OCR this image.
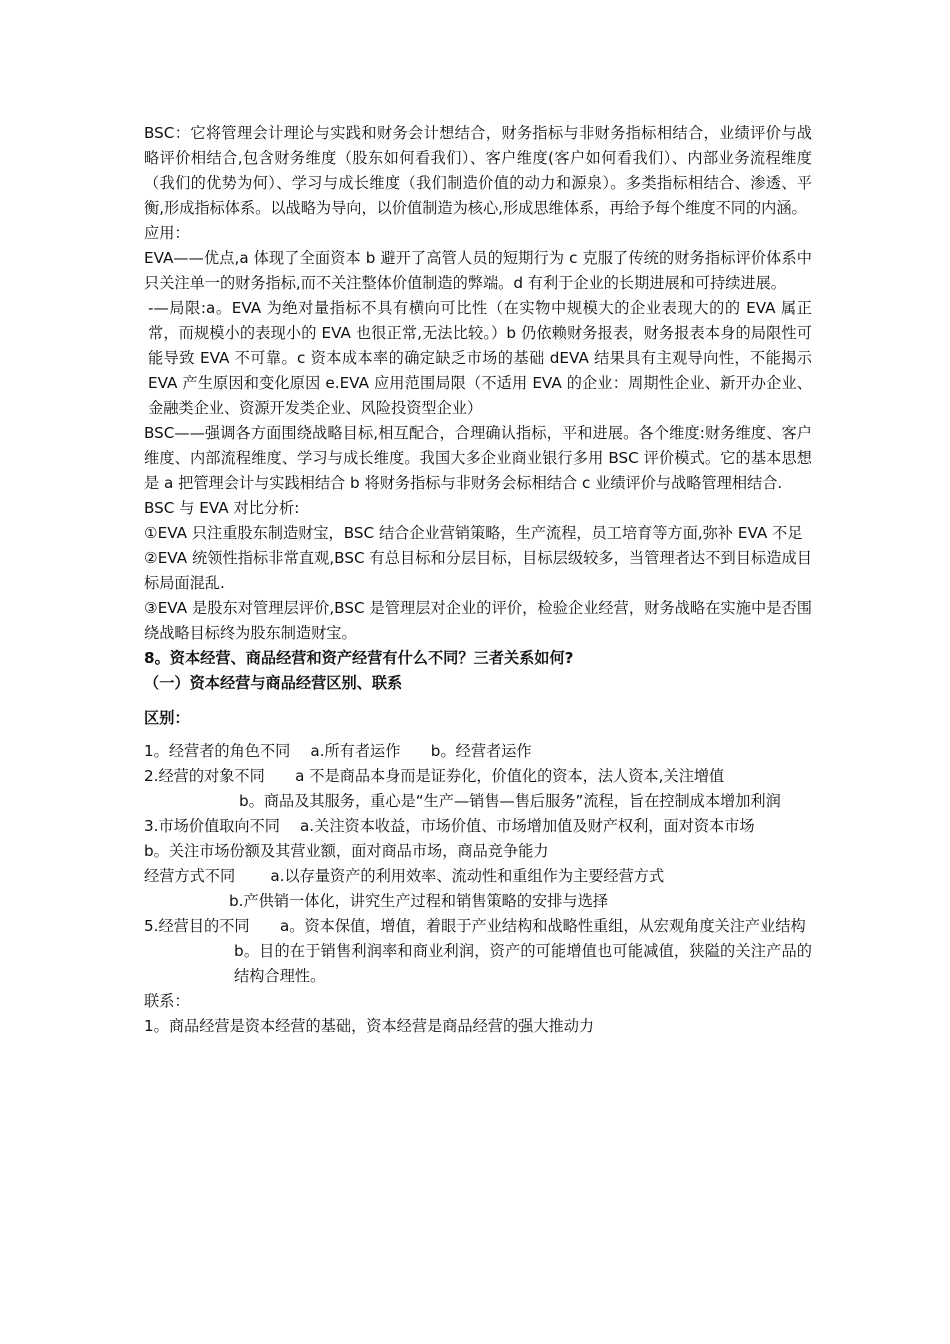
BSC：它将管理会计理论与实践和财务会计想结合，财务指标与非财务指标相结合，业绩评价与战略评价相结合,包含财务维度（股东如何看我们）、客户维度(客户如何看我们）、内部业务流程维度（我们的优势为何）、学习与成长维度（我们制造价值的动力和源泉）。多类指标相结合、渗透、平衡,形成指标体系。以战略为导向，以价值制造为核心,形成思维体系，再给予每个维度不同的内涵。

应用：

EVA——优点,a 体现了全面资本 b 避开了高管人员的短期行为 c 克服了传统的财务指标评价体系中只关注单一的财务指标,而不关注整体价值制造的弊端。d 有利于企业的长期进展和可持续进展。

-—局限:a。EVA 为绝对量指标不具有横向可比性（在实物中规模大的企业表现大的的 EVA 属正常，而规模小的表现小的 EVA 也很正常,无法比较。）b 仍依赖财务报表，财务报表本身的局限性可能导致 EVA 不可靠。c 资本成本率的确定缺乏市场的基础 dEVA 结果具有主观导向性，不能揭示 EVA 产生原因和变化原因 e.EVA 应用范围局限（不适用 EVA 的企业：周期性企业、新开办企业、金融类企业、资源开发类企业、风险投资型企业）

BSC——强调各方面围绕战略目标,相互配合，合理确认指标，平和进展。各个维度:财务维度、客户维度、内部流程维度、学习与成长维度。我国大多企业商业银行多用 BSC 评价模式。它的基本思想是 a 把管理会计与实践相结合 b 将财务指标与非财务会标相结合 c 业绩评价与战略管理相结合.

BSC 与 EVA 对比分析:

①EVA 只注重股东制造财宝，BSC 结合企业营销策略，生产流程，员工培育等方面,弥补 EVA 不足

②EVA 统领性指标非常直观,BSC 有总目标和分层目标，目标层级较多，当管理者达不到目标造成目标局面混乱.

③EVA 是股东对管理层评价,BSC 是管理层对企业的评价，检验企业经营，财务战略在实施中是否围绕战略目标终为股东制造财宝。

8。资本经营、商品经营和资产经营有什么不同？三者关系如何?

（一）资本经营与商品经营区别、联系

区别：

1。经营者的角色不同　 a.所有者运作　　b。经营者运作

2.经营的对象不同　　a 不是商品本身而是证券化，价值化的资本，法人资本,关注增值

b。商品及其服务，重心是“生产—销售—售后服务”流程，旨在控制成本增加利润

3.市场价值取向不同　 a.关注资本收益，市场价值、市场增加值及财产权利，面对资本市场

b。关注市场份额及其营业额，面对商品市场，商品竞争能力

经营方式不同　　 a.以存量资产的利用效率、流动性和重组作为主要经营方式

b.产供销一体化，讲究生产过程和销售策略的安排与选择

5.经营目的不同　　a。资本保值，增值，着眼于产业结构和战略性重组，从宏观角度关注产业结构

b。目的在于销售利润率和商业利润，资产的可能增值也可能减值，狭隘的关注产品的结构合理性。

联系：

1。商品经营是资本经营的基础，资本经营是商品经营的强大推动力
